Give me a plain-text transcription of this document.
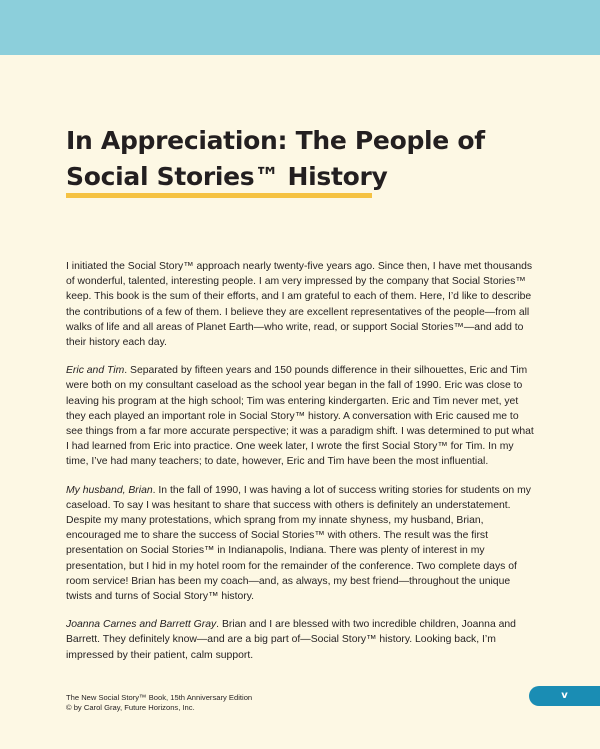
In Appreciation: The People of
Social Stories™ History

I initiated the Social Story™ approach nearly twenty-five years ago. Since then, I have met thousands of wonderful, talented, interesting people. I am very impressed by the company that Social Stories™ keep. This book is the sum of their efforts, and I am grateful to each of them. Here, I’d like to describe the contributions of a few of them. I believe they are excellent representatives of the people—from all walks of life and all areas of Planet Earth—who write, read, or support Social Stories™—and add to their history each day.

Eric and Tim. Separated by fifteen years and 150 pounds difference in their silhouettes, Eric and Tim were both on my consultant caseload as the school year began in the fall of 1990. Eric was close to leaving his program at the high school; Tim was entering kindergarten. Eric and Tim never met, yet they each played an important role in Social Story™ history. A conversation with Eric caused me to see things from a far more accurate perspective; it was a paradigm shift. I was determined to put what I had learned from Eric into practice. One week later, I wrote the first Social Story™ for Tim. In my time, I’ve had many teachers; to date, however, Eric and Tim have been the most influential.

My husband, Brian. In the fall of 1990, I was having a lot of success writing stories for students on my caseload. To say I was hesitant to share that success with others is definitely an understatement. Despite my many protestations, which sprang from my innate shyness, my husband, Brian, encouraged me to share the success of Social Stories™ with others. The result was the first presentation on Social Stories™ in Indianapolis, Indiana. There was plenty of interest in my presentation, but I hid in my hotel room for the remainder of the conference. Two complete days of room service! Brian has been my coach—and, as always, my best friend—throughout the unique twists and turns of Social Story™ history.

Joanna Carnes and Barrett Gray. Brian and I are blessed with two incredible children, Joanna and Barrett. They definitely know—and are a big part of—Social Story™ history. Looking back, I’m impressed by their patient, calm support.

The New Social Story™ Book, 15th Anniversary Edition
© by Carol Gray, Future Horizons, Inc.
v
